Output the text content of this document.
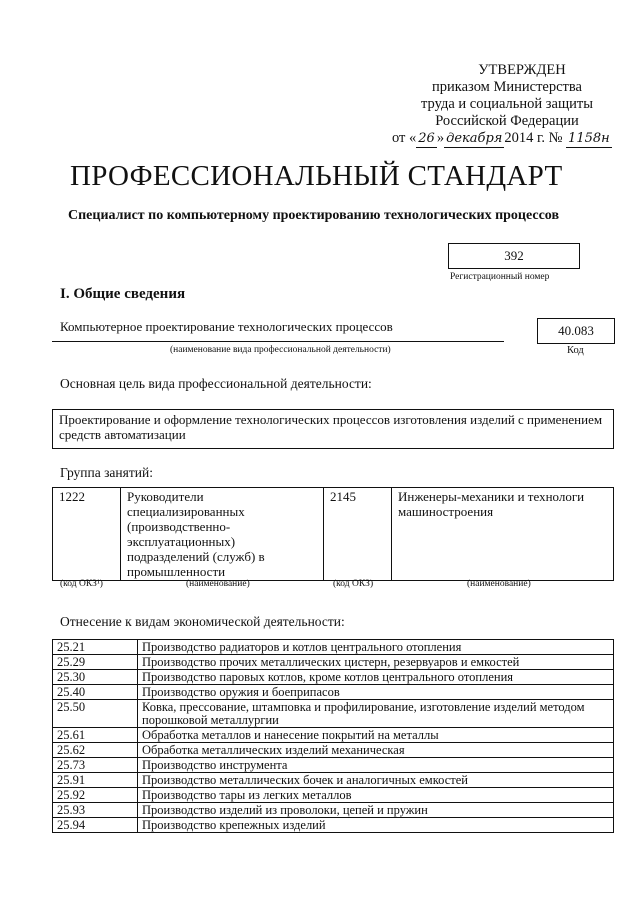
УТВЕРЖДЕН
приказом Министерства
труда и социальной защиты
Российской Федерации
от « 26 » декабря 2014 г. № 1158н
ПРОФЕССИОНАЛЬНЫЙ СТАНДАРТ
Специалист по компьютерному проектированию технологических процессов
392
Регистрационный номер
I. Общие сведения
Компьютерное проектирование технологических процессов
(наименование вида профессиональной деятельности)
40.083
Код
Основная цель вида профессиональной деятельности:
Проектирование и оформление технологических процессов изготовления изделий с применением средств автоматизации
Группа занятий:
1222	Руководители специализированных (производственно-эксплуатационных) подразделений (служб) в промышленности	2145	Инженеры-механики и технологи машиностроения
(код ОКЗ¹)	(наименование)	(код ОКЗ)	(наименование)
Отнесение к видам экономической деятельности:
25.21	Производство радиаторов и котлов центрального отопления
25.29	Производство прочих металлических цистерн, резервуаров и емкостей
25.30	Производство паровых котлов, кроме котлов центрального отопления
25.40	Производство оружия и боеприпасов
25.50	Ковка, прессование, штамповка и профилирование, изготовление изделий методом порошковой металлургии
25.61	Обработка металлов и нанесение покрытий на металлы
25.62	Обработка металлических изделий механическая
25.73	Производство инструмента
25.91	Производство металлических бочек и аналогичных емкостей
25.92	Производство тары из легких металлов
25.93	Производство изделий из проволоки, цепей и пружин
25.94	Производство крепежных изделий
